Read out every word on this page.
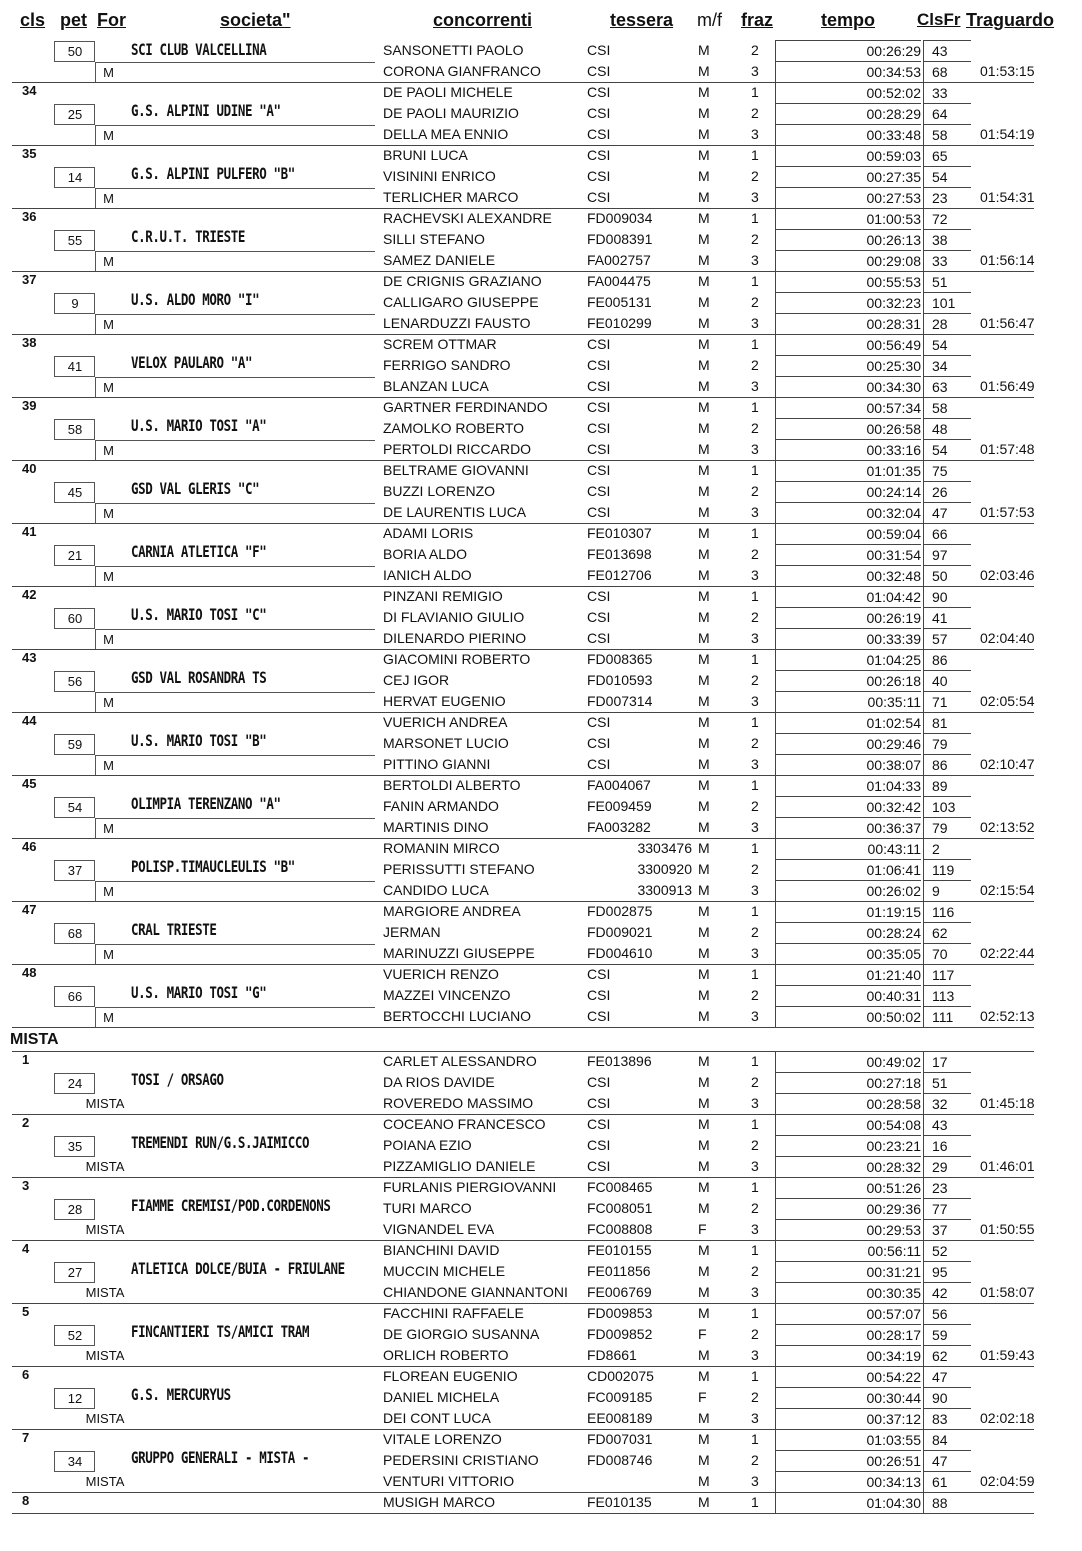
cls pet For	societa"	concorrenti	tessera m/f fraz	tempo ClsFr Traguardo
50
M
SCI CLUB VALCELLINA	SANSONETTI PAOLO	CSI	M	2	00:26:29 43
CORONA GIANFRANCO	CSI	M	3	00:34:53 68	01:53:15
34
25
M
G.S. ALPINI UDINE "A"
DE PAOLI MICHELE	CSI	M	1	00:52:02 33
DE PAOLI MAURIZIO	CSI	M	2	00:28:29 64
DELLA MEA ENNIO	CSI	M	3	00:33:48 58	01:54:19
35
14
M
G.S. ALPINI PULFERO "B"
BRUNI LUCA	CSI	M	1	00:59:03 65
VISININI ENRICO	CSI	M	2	00:27:35 54
TERLICHER MARCO	CSI	M	3	00:27:53 23	01:54:31
36
55
M
C.R.U.T. TRIESTE
RACHEVSKI ALEXANDRE	FD009034	M	1	01:00:53 72
SILLI STEFANO	FD008391	M	2	00:26:13 38
SAMEZ DANIELE	FA002757	M	3	00:29:08 33	01:56:14
37
9
M
U.S. ALDO MORO "I"
DE CRIGNIS GRAZIANO	FA004475	M	1	00:55:53 51
CALLIGARO GIUSEPPE	FE005131	M	2	00:32:23 101
LENARDUZZI FAUSTO	FE010299	M	3	00:28:31 28	01:56:47
38
41
M
VELOX PAULARO "A"
SCREM OTTMAR	CSI	M	1	00:56:49 54
FERRIGO SANDRO	CSI	M	2	00:25:30 34
BLANZAN LUCA	CSI	M	3	00:34:30 63	01:56:49
39
58
M
U.S. MARIO TOSI "A"
GARTNER FERDINANDO	CSI	M	1	00:57:34 58
ZAMOLKO ROBERTO	CSI	M	2	00:26:58 48
PERTOLDI RICCARDO	CSI	M	3	00:33:16 54	01:57:48
40
45
M
GSD VAL GLERIS "C"
BELTRAME GIOVANNI	CSI	M	1	01:01:35 75
BUZZI LORENZO	CSI	M	2	00:24:14 26
DE LAURENTIS LUCA	CSI	M	3	00:32:04 47	01:57:53
41
21
M
CARNIA ATLETICA "F"
ADAMI LORIS	FE010307	M	1	00:59:04 66
BORIA ALDO	FE013698	M	2	00:31:54 97
IANICH ALDO	FE012706	M	3	00:32:48 50	02:03:46
42
60
M
U.S. MARIO TOSI "C"
PINZANI REMIGIO	CSI	M	1	01:04:42 90
DI FLAVIANIO GIULIO	CSI	M	2	00:26:19 41
DILENARDO PIERINO	CSI	M	3	00:33:39 57	02:04:40
43
56
M
GSD VAL ROSANDRA TS
GIACOMINI ROBERTO	FD008365	M	1	01:04:25 86
CEJ IGOR	FD010593	M	2	00:26:18 40
HERVAT EUGENIO	FD007314	M	3	00:35:11 71	02:05:54
44
59
M
U.S. MARIO TOSI "B"
VUERICH ANDREA	CSI	M	1	01:02:54 81
MARSONET LUCIO	CSI	M	2	00:29:46 79
PITTINO GIANNI	CSI	M	3	00:38:07 86	02:10:47
45
54
M
OLIMPIA TERENZANO "A"
BERTOLDI ALBERTO	FA004067	M	1	01:04:33 89
FANIN ARMANDO	FE009459	M	2	00:32:42 103
MARTINIS DINO	FA003282	M	3	00:36:37 79	02:13:52
46
37
M
POLISP.TIMAUCLEULIS "B"
ROMANIN MIRCO	3303476 M	1	00:43:11 2
PERISSUTTI STEFANO	3300920 M	2	01:06:41 119
CANDIDO LUCA	3300913 M	3	00:26:02 9	02:15:54
47
68
M
CRAL TRIESTE
MARGIORE ANDREA	FD002875	M	1	01:19:15 116
JERMAN	FD009021	M	2	00:28:24 62
MARINUZZI GIUSEPPE	FD004610	M	3	00:35:05 70	02:22:44
48
66
M
U.S. MARIO TOSI "G"
VUERICH RENZO	CSI	M	1	01:21:40 117
MAZZEI VINCENZO	CSI	M	2	00:40:31 113
BERTOCCHI LUCIANO	CSI	M	3	00:50:02 111	02:52:13
MISTA
1
24
MISTA
TOSI / ORSAGO
CARLET ALESSANDRO	FE013896	M	1	00:49:02 17
DA RIOS DAVIDE	CSI	M	2	00:27:18 51
ROVEREDO MASSIMO	CSI	M	3	00:28:58 32	01:45:18
2
35
MISTA
TREMENDI RUN/G.S.JAIMICCO
COCEANO FRANCESCO	CSI	M	1	00:54:08 43
POIANA EZIO	CSI	M	2	00:23:21 16
PIZZAMIGLIO DANIELE	CSI	M	3	00:28:32 29	01:46:01
3
28
MISTA
FIAMME CREMISI/POD.CORDENONS
FURLANIS PIERGIOVANNI FC008465	M	1	00:51:26 23
TURI MARCO	FC008051	M	2	00:29:36 77
VIGNANDEL EVA	FC008808	F	3	00:29:53 37	01:50:55
4
27
MISTA
ATLETICA DOLCE/BUIA - FRIULANE
BIANCHINI DAVID	FE010155	M	1	00:56:11 52
MUCCIN MICHELE	FE011856	M	2	00:31:21 95
CHIANDONE GIANNANTONI FE006769	M	3	00:30:35 42	01:58:07
5
52
MISTA
FINCANTIERI TS/AMICI TRAM
FACCHINI RAFFAELE	FD009853	M	1	00:57:07 56
DE GIORGIO SUSANNA	FD009852	F	2	00:28:17 59
ORLICH ROBERTO	FD8661	M	3	00:34:19 62	01:59:43
6
12
MISTA
G.S. MERCURYUS
FLOREAN EUGENIO	CD002075	M	1	00:54:22 47
DANIEL MICHELA	FC009185	F	2	00:30:44 90
DEI CONT LUCA	EE008189	M	3	00:37:12 83	02:02:18
7
34
MISTA
GRUPPO GENERALI - MISTA -
VITALE LORENZO	FD007031	M	1	01:03:55 84
PEDERSINI CRISTIANO	FD008746	M	2	00:26:51 47
VENTURI VITTORIO	M	3	00:34:13 61	02:04:59
8	MUSIGH MARCO	FE010135	M	1	01:04:30 88
